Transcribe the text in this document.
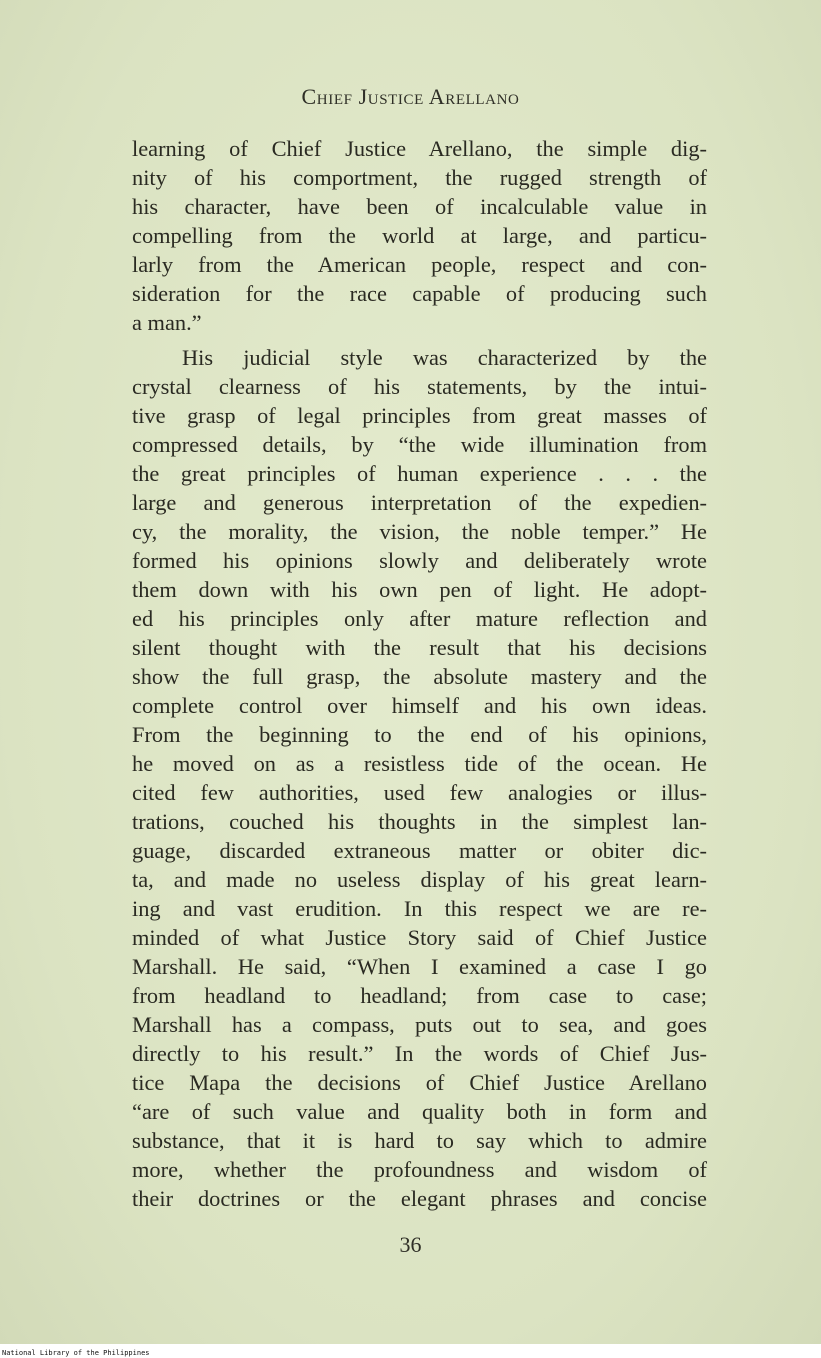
Chief Justice Arellano
learning of Chief Justice Arellano, the simple dig-
nity of his comportment, the rugged strength of
his character, have been of incalculable value in
compelling from the world at large, and particu-
larly from the American people, respect and con-
sideration for the race capable of producing such
a man.”
His judicial style was characterized by the
crystal clearness of his statements, by the intui-
tive grasp of legal principles from great masses of
compressed details, by “the wide illumination from
the great principles of human experience . . . the
large and generous interpretation of the expedien-
cy, the morality, the vision, the noble temper.” He
formed his opinions slowly and deliberately wrote
them down with his own pen of light. He adopt-
ed his principles only after mature reflection and
silent thought with the result that his decisions
show the full grasp, the absolute mastery and the
complete control over himself and his own ideas.
From the beginning to the end of his opinions,
he moved on as a resistless tide of the ocean. He
cited few authorities, used few analogies or illus-
trations, couched his thoughts in the simplest lan-
guage, discarded extraneous matter or obiter dic-
ta, and made no useless display of his great learn-
ing and vast erudition. In this respect we are re-
minded of what Justice Story said of Chief Justice
Marshall. He said, “When I examined a case I go
from headland to headland; from case to case;
Marshall has a compass, puts out to sea, and goes
directly to his result.” In the words of Chief Jus-
tice Mapa the decisions of Chief Justice Arellano
“are of such value and quality both in form and
substance, that it is hard to say which to admire
more, whether the profoundness and wisdom of
their doctrines or the elegant phrases and concise
36
National Library of the Philippines
